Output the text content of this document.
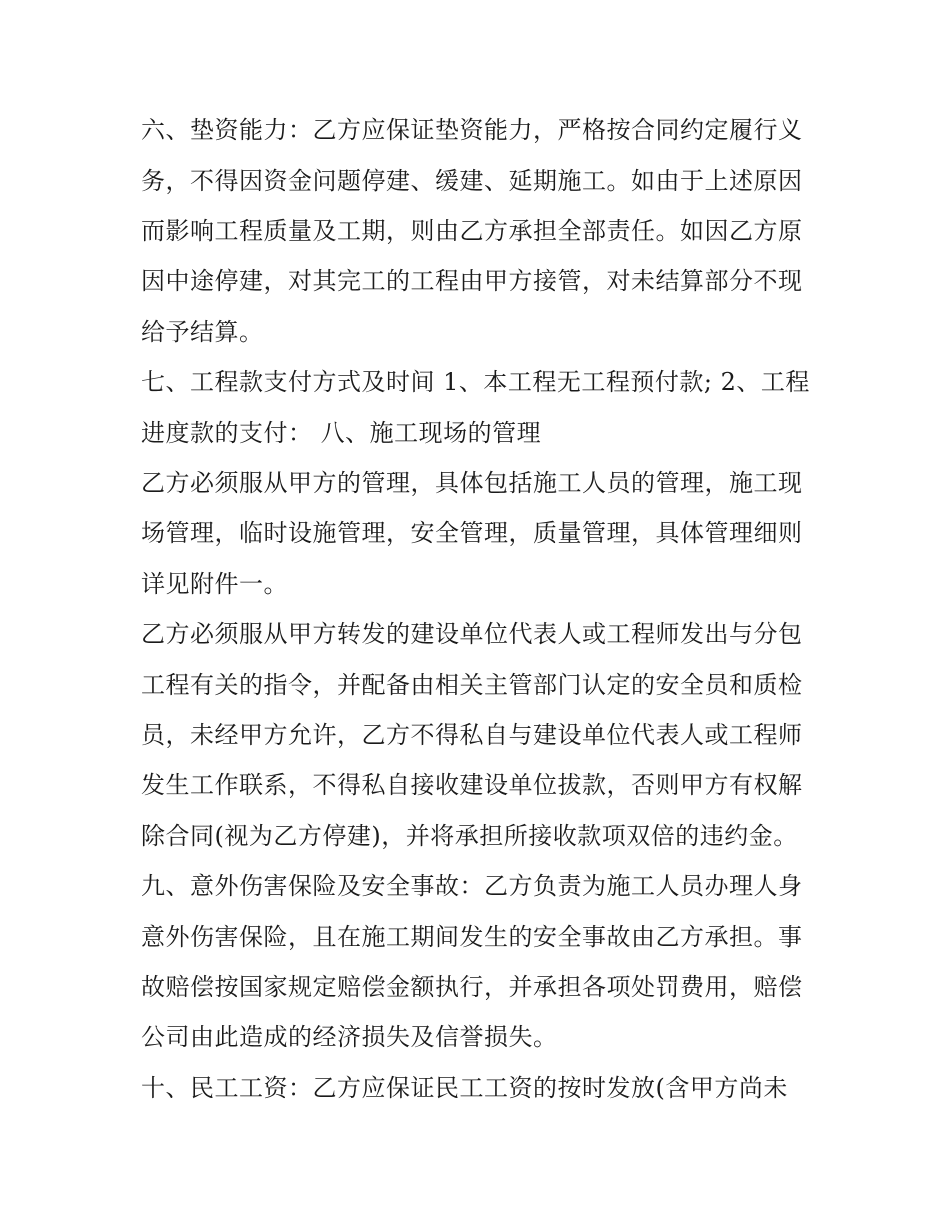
六、垫资能力：乙方应保证垫资能力，严格按合同约定履行义
务，不得因资金问题停建、缓建、延期施工。如由于上述原因
而影响工程质量及工期，则由乙方承担全部责任。如因乙方原
因中途停建，对其完工的工程由甲方接管，对未结算部分不现
给予结算。
七、工程款支付方式及时间 1、本工程无工程预付款; 2、工程
进度款的支付： 八、施工现场的管理
乙方必须服从甲方的管理，具体包括施工人员的管理，施工现
场管理，临时设施管理，安全管理，质量管理，具体管理细则
详见附件一。
乙方必须服从甲方转发的建设单位代表人或工程师发出与分包
工程有关的指令，并配备由相关主管部门认定的安全员和质检
员，未经甲方允许，乙方不得私自与建设单位代表人或工程师
发生工作联系，不得私自接收建设单位拔款，否则甲方有权解
除合同(视为乙方停建)，并将承担所接收款项双倍的违约金。
九、意外伤害保险及安全事故：乙方负责为施工人员办理人身
意外伤害保险，且在施工期间发生的安全事故由乙方承担。事
故赔偿按国家规定赔偿金额执行，并承担各项处罚费用，赔偿
公司由此造成的经济损失及信誉损失。
十、民工工资：乙方应保证民工工资的按时发放(含甲方尚未
